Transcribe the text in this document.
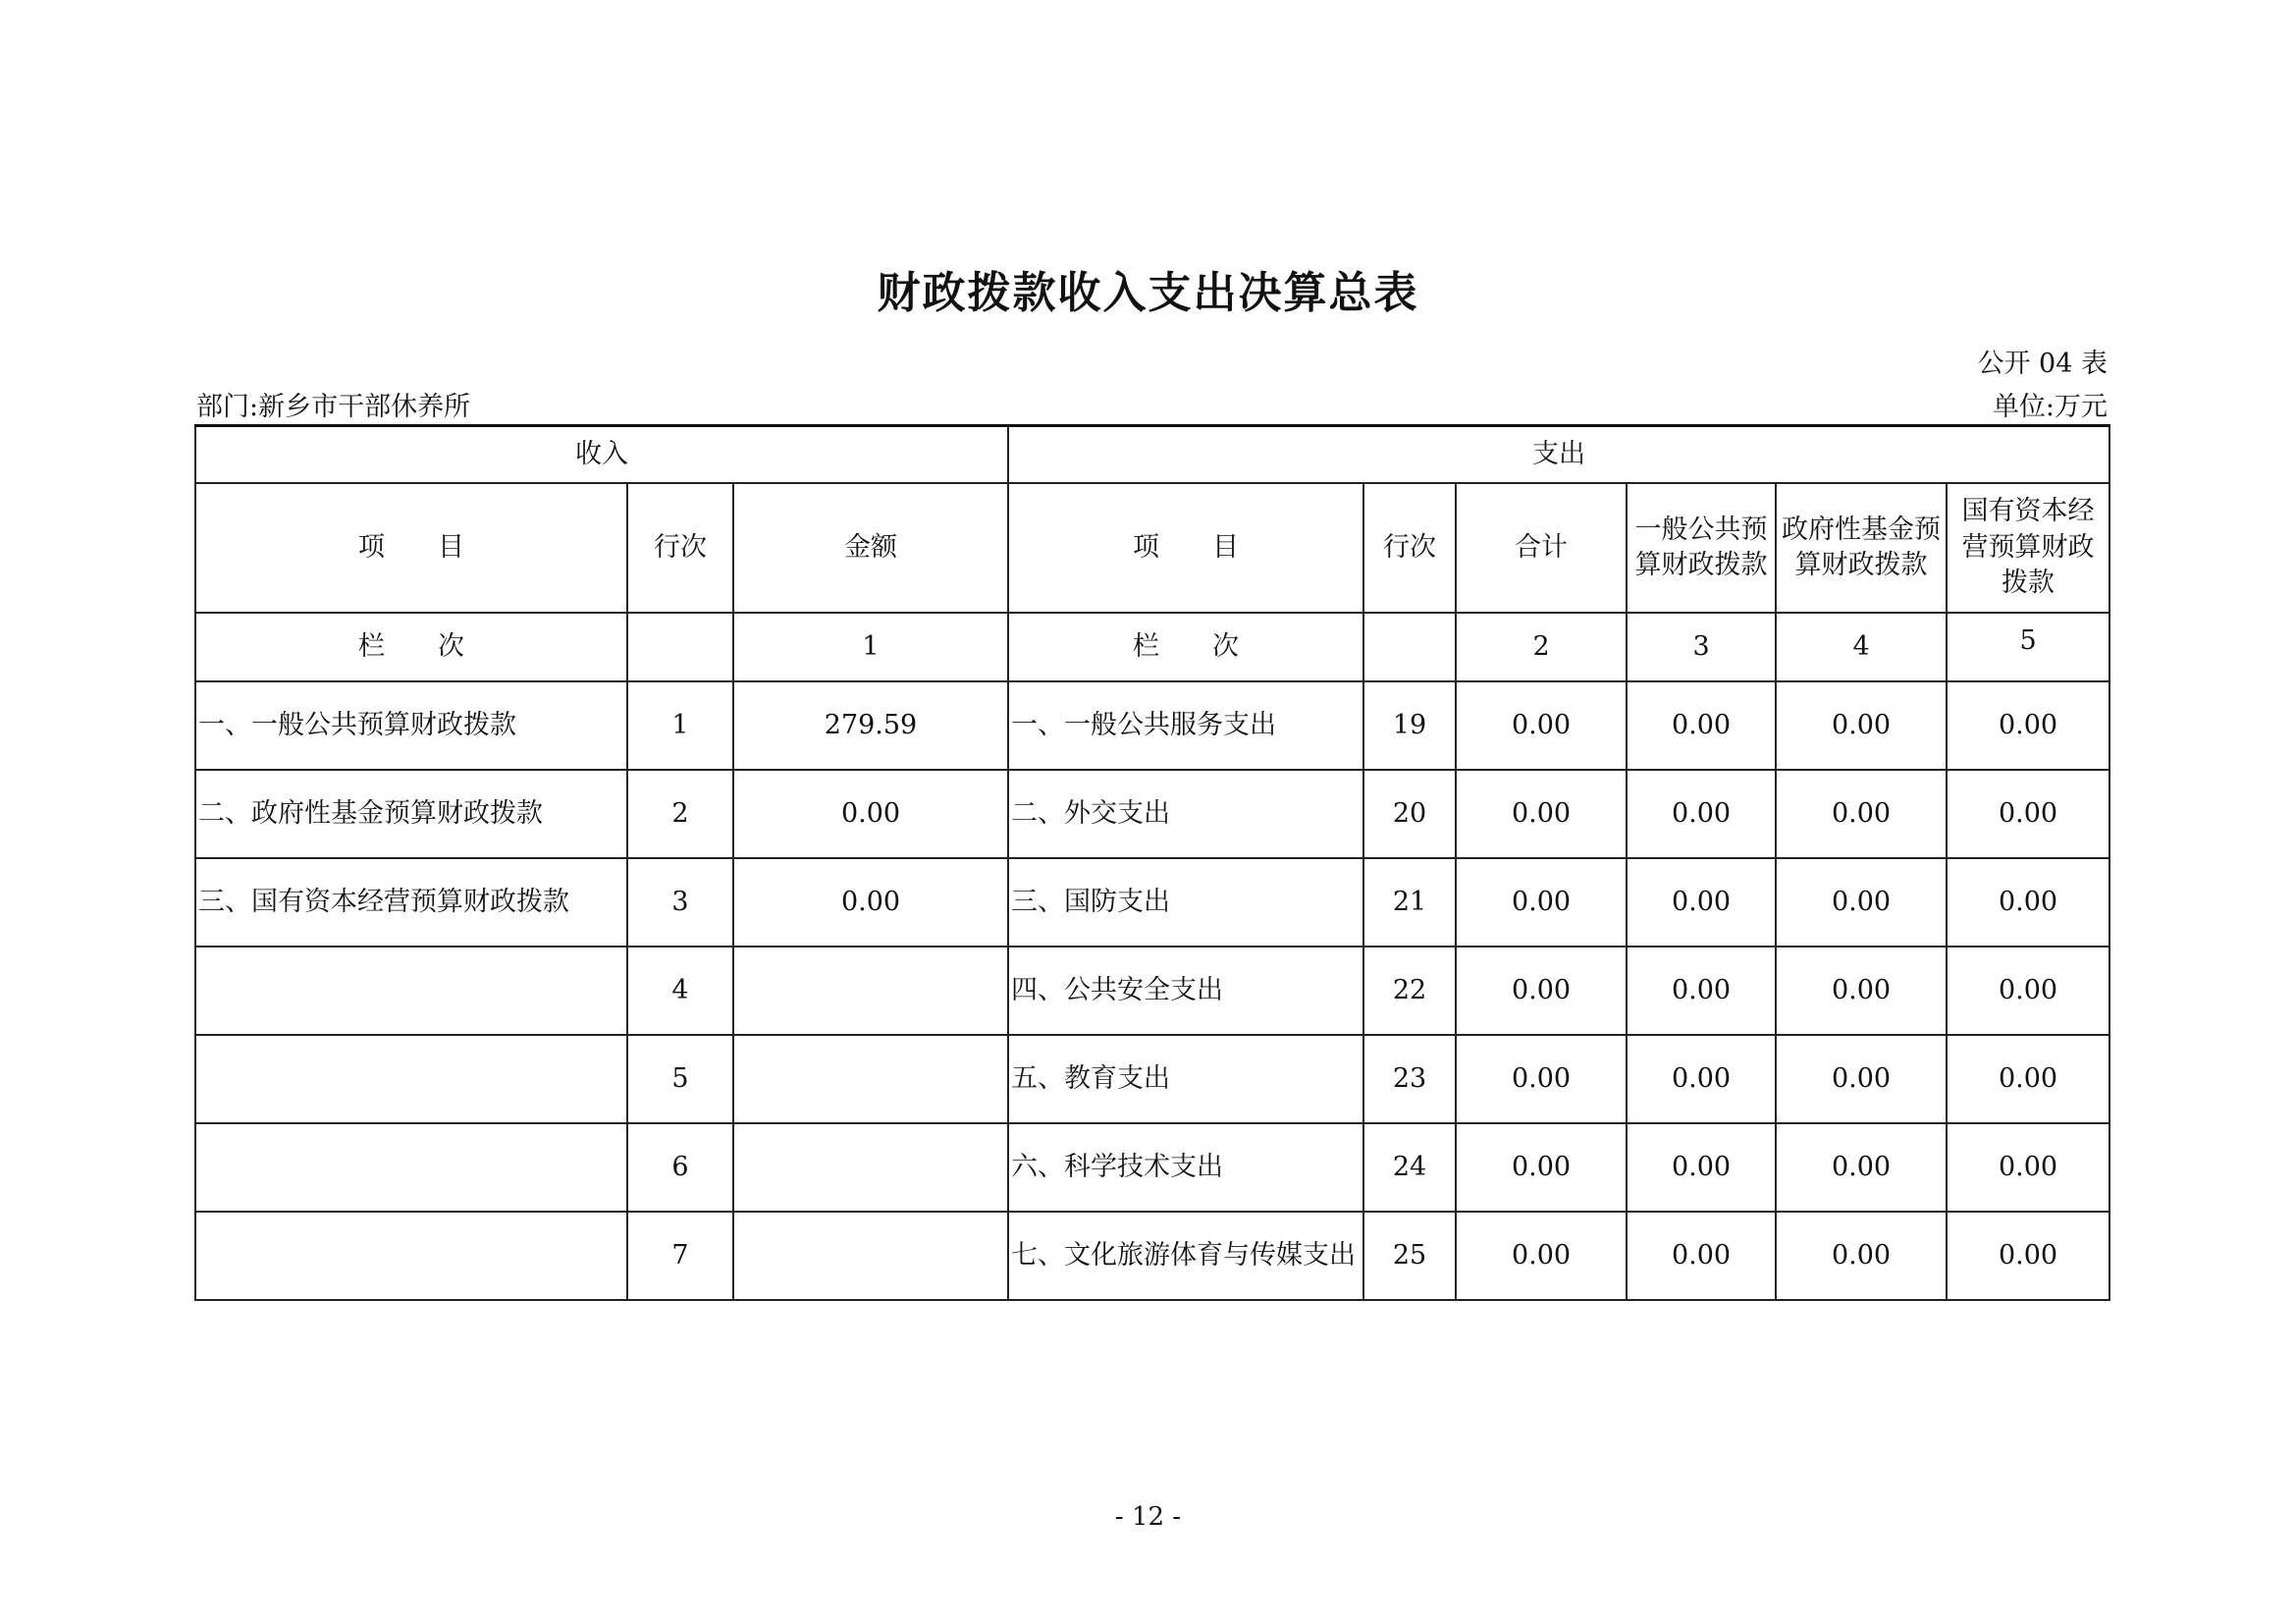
财政拨款收入支出决算总表
公开 04 表
部门:新乡市干部休养所	单位:万元
收入			支出					
项　　目	行次	金额	项　　目	行次	合计	一般公共预算财政拨款	政府性基金预算财政拨款	国有资本经营预算财政拨款
栏　　次		1	栏　　次		2	3	4	5
一、一般公共预算财政拨款	1	279.59	一、一般公共服务支出	19	0.00	0.00	0.00	0.00
二、政府性基金预算财政拨款	2	0.00	二、外交支出	20	0.00	0.00	0.00	0.00
三、国有资本经营预算财政拨款	3	0.00	三、国防支出	21	0.00	0.00	0.00	0.00
	4		四、公共安全支出	22	0.00	0.00	0.00	0.00
	5		五、教育支出	23	0.00	0.00	0.00	0.00
	6		六、科学技术支出	24	0.00	0.00	0.00	0.00
	7		七、文化旅游体育与传媒支出	25	0.00	0.00	0.00	0.00
- 12 -
